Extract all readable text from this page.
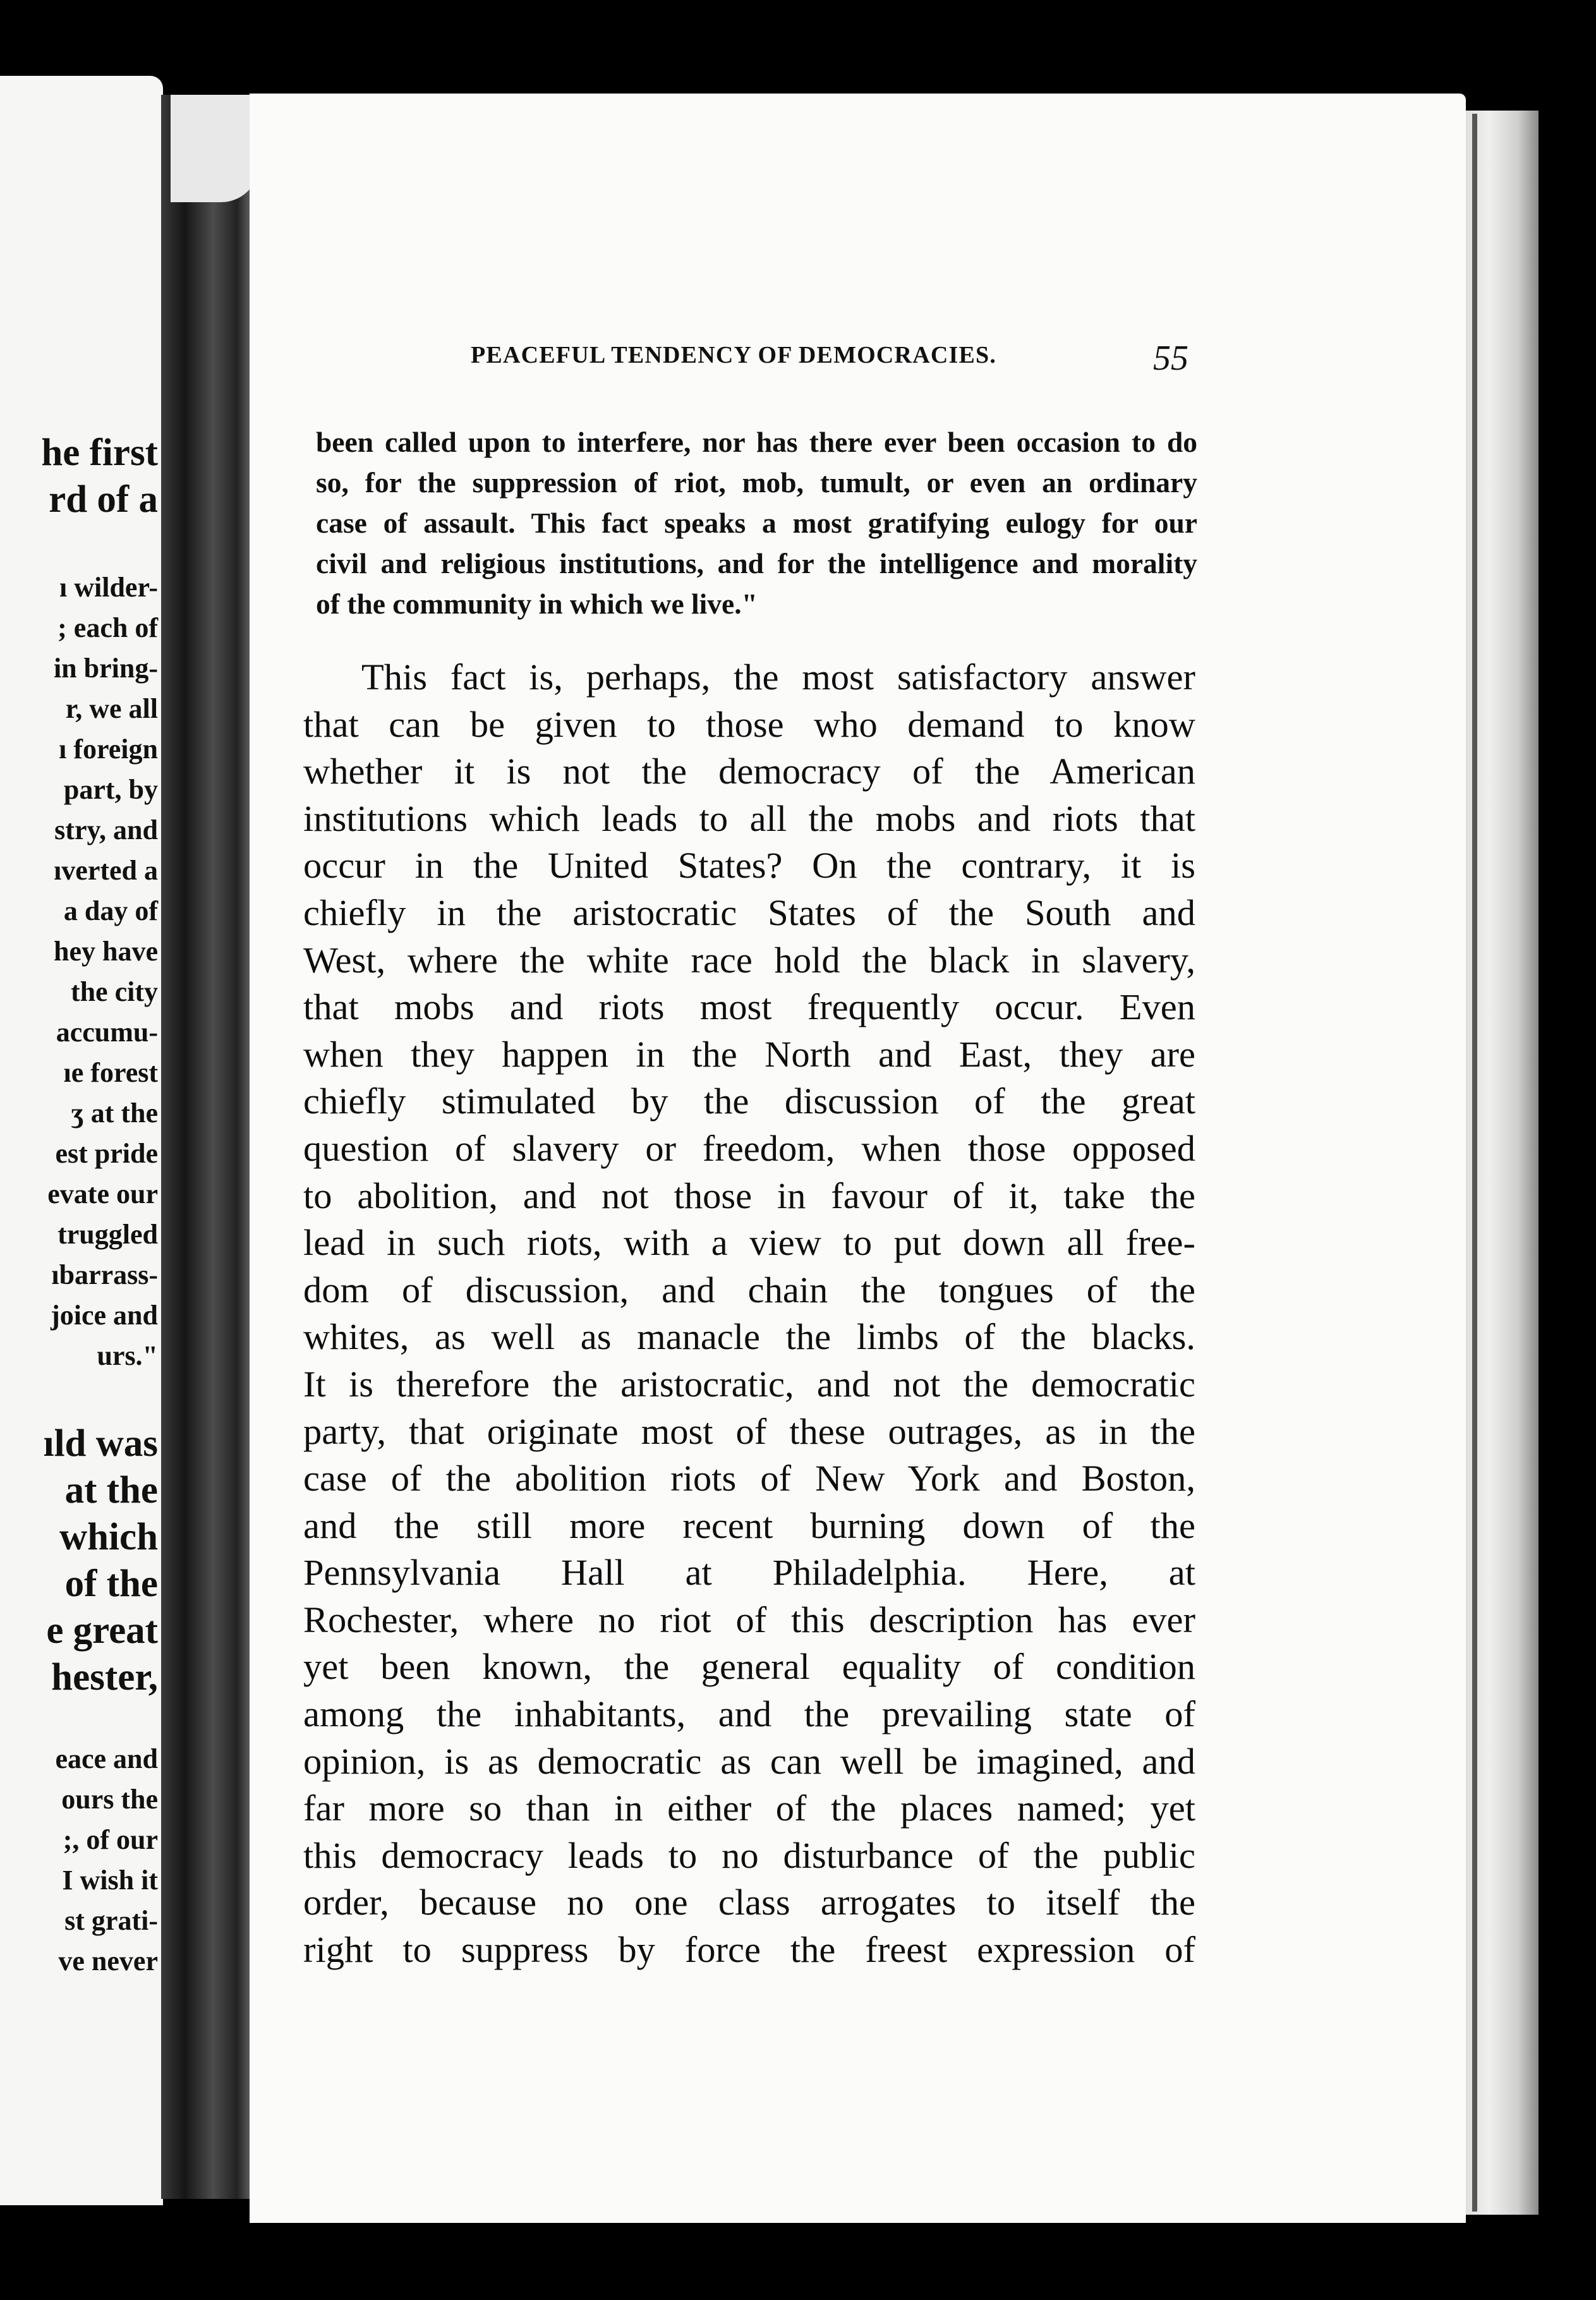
he first
rd of a
ı wilder-
; each of
in bring-
r, we all
ı foreign
part, by
stry, and
ıverted a
a day of
hey have
the city
accumu-
ıe forest
ʒ at the
est pride
evate our
truggled
ıbarrass-
joice and
urs."
ıld was
at the
which
of the
e great
hester,
eace and
ours the
;, of our
I wish it
st grati-
ve never
PEACEFUL TENDENCY OF DEMOCRACIES.	55
been called upon to interfere, nor has there ever been occasion to do
so, for the suppression of riot, mob, tumult, or even an ordinary
case of assault. This fact speaks a most gratifying eulogy for our
civil and religious institutions, and for the intelligence and morality
of the community in which we live."
This fact is, perhaps, the most satisfactory answer
that can be given to those who demand to know
whether it is not the democracy of the American
institutions which leads to all the mobs and riots that
occur in the United States? On the contrary, it is
chiefly in the aristocratic States of the South and
West, where the white race hold the black in slavery,
that mobs and riots most frequently occur. Even
when they happen in the North and East, they are
chiefly stimulated by the discussion of the great
question of slavery or freedom, when those opposed
to abolition, and not those in favour of it, take the
lead in such riots, with a view to put down all free-
dom of discussion, and chain the tongues of the
whites, as well as manacle the limbs of the blacks.
It is therefore the aristocratic, and not the democratic
party, that originate most of these outrages, as in the
case of the abolition riots of New York and Boston,
and the still more recent burning down of the
Pennsylvania Hall at Philadelphia. Here, at
Rochester, where no riot of this description has ever
yet been known, the general equality of condition
among the inhabitants, and the prevailing state of
opinion, is as democratic as can well be imagined, and
far more so than in either of the places named; yet
this democracy leads to no disturbance of the public
order, because no one class arrogates to itself the
right to suppress by force the freest expression of
